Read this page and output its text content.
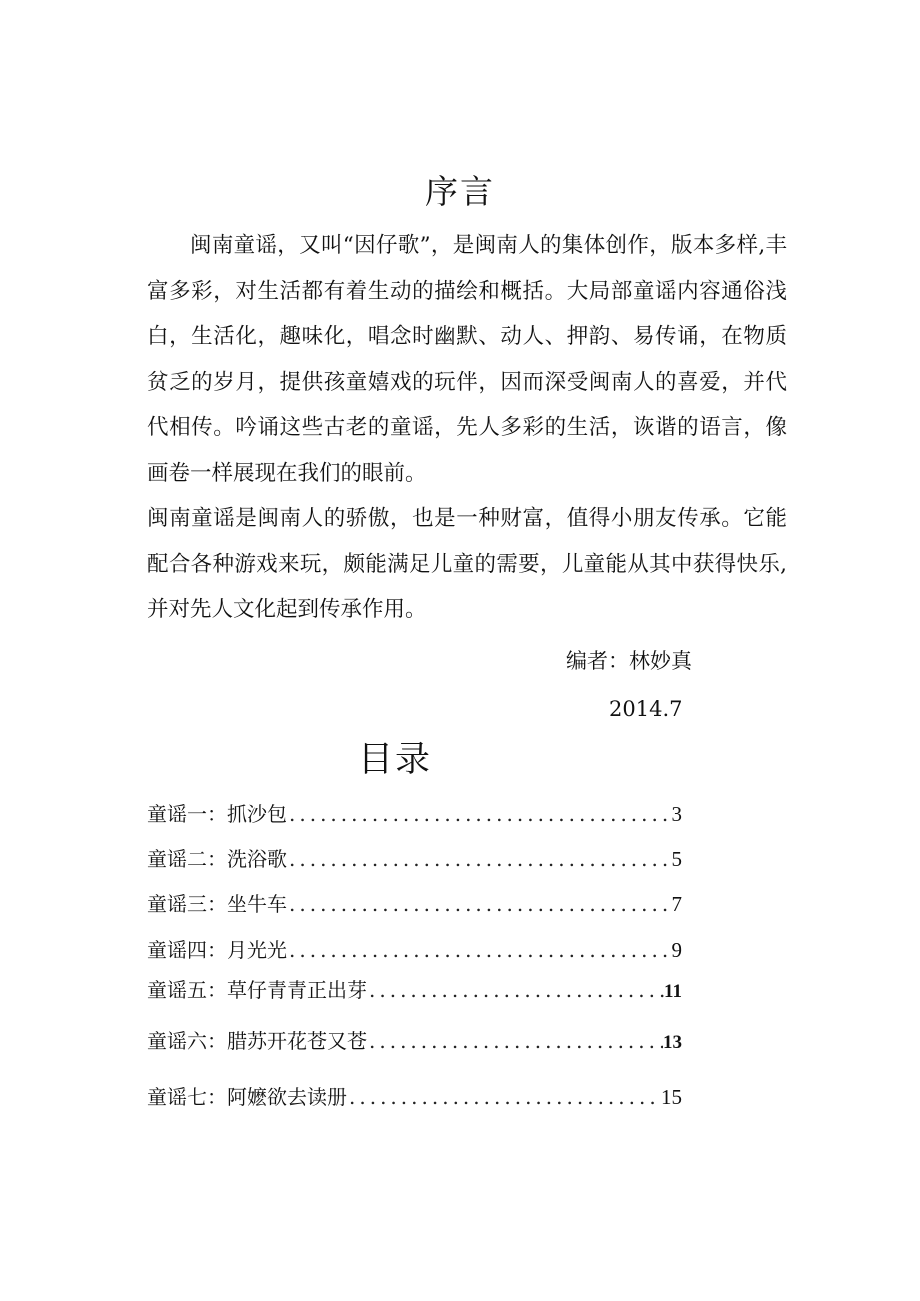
序言

闽南童谣，又叫“因仔歌”，是闽南人的集体创作，版本多样,丰富多彩，对生活都有着生动的描绘和概括。大局部童谣内容通俗浅白，生活化，趣味化，唱念时幽默、动人、押韵、易传诵，在物质贫乏的岁月，提供孩童嬉戏的玩伴，因而深受闽南人的喜爱，并代代相传。吟诵这些古老的童谣，先人多彩的生活，诙谐的语言，像画卷一样展现在我们的眼前。

闽南童谣是闽南人的骄傲，也是一种财富，值得小朋友传承。它能配合各种游戏来玩，颇能满足儿童的需要，儿童能从其中获得快乐,并对先人文化起到传承作用。

编者：林妙真
2014.7
目录
童谣一：抓沙包 .....	3
童谣二：洗浴歌 .....	5
童谣三：坐牛车 .....	7
童谣四：月光光 .....	9
童谣五：草仔青青正出芽 .....	11
童谣六：腊苏开花苍又苍 .....	13
童谣七：阿嬷欲去读册 .....	15
